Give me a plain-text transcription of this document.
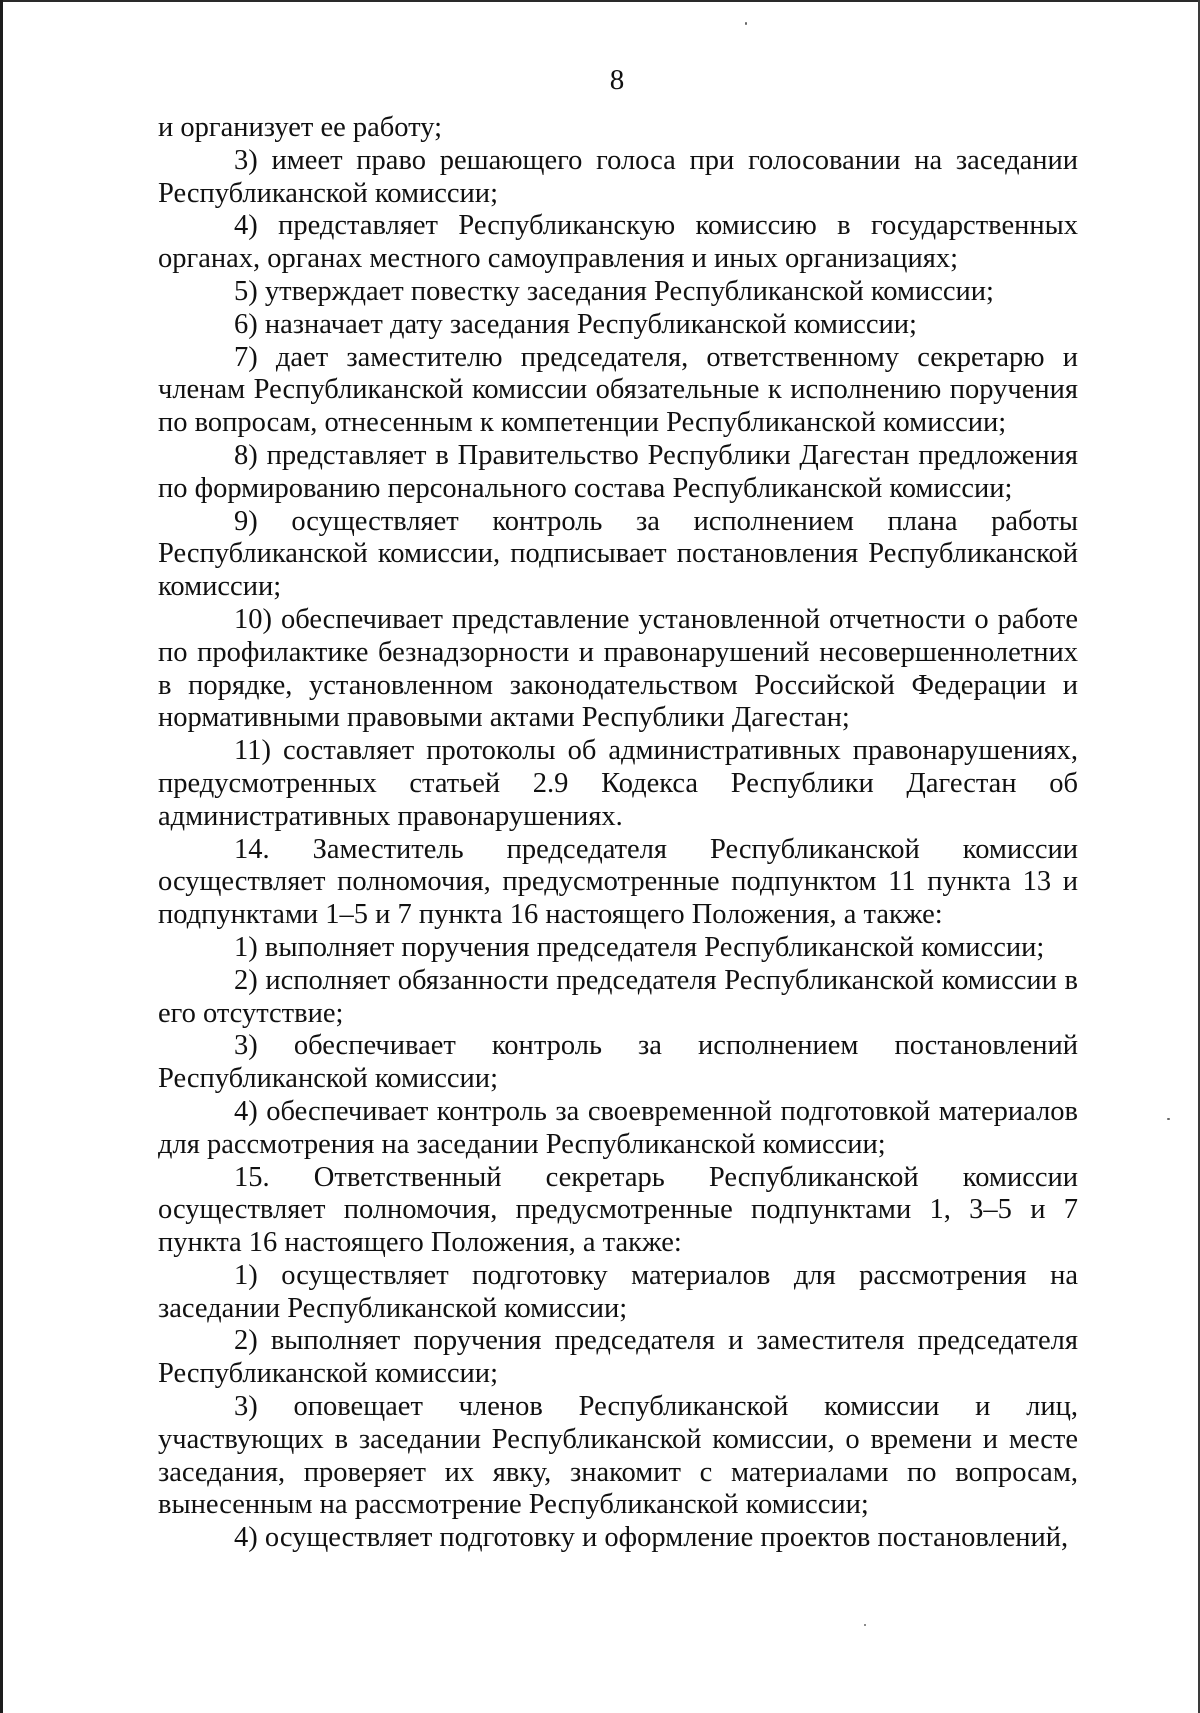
8

и организует ее работу;

3) имеет право решающего голоса при голосовании на заседании Республиканской комиссии;

4) представляет Республиканскую комиссию в государственных органах, органах местного самоуправления и иных организациях;

5) утверждает повестку заседания Республиканской комиссии;

6) назначает дату заседания Республиканской комиссии;

7) дает заместителю председателя, ответственному секретарю и членам Республиканской комиссии обязательные к исполнению поручения по вопросам, отнесенным к компетенции Республиканской комиссии;

8) представляет в Правительство Республики Дагестан предложения по формированию персонального состава Республиканской комиссии;

9) осуществляет контроль за исполнением плана работы Республиканской комиссии, подписывает постановления Республиканской комиссии;

10) обеспечивает представление установленной отчетности о работе по профилактике безнадзорности и правонарушений несовершеннолетних в порядке, установленном законодательством Российской Федерации и нормативными правовыми актами Республики Дагестан;

11) составляет протоколы об административных правонарушениях, предусмотренных статьей 2.9 Кодекса Республики Дагестан об административных правонарушениях.

14. Заместитель председателя Республиканской комиссии осуществляет полномочия, предусмотренные подпунктом 11 пункта 13 и подпунктами 1–5 и 7 пункта 16 настоящего Положения, а также:

1) выполняет поручения председателя Республиканской комиссии;

2) исполняет обязанности председателя Республиканской комиссии в его отсутствие;

3) обеспечивает контроль за исполнением постановлений Республиканской комиссии;

4) обеспечивает контроль за своевременной подготовкой материалов для рассмотрения на заседании Республиканской комиссии;

15. Ответственный секретарь Республиканской комиссии осуществляет полномочия, предусмотренные подпунктами 1, 3–5 и 7 пункта 16 настоящего Положения, а также:

1) осуществляет подготовку материалов для рассмотрения на заседании Республиканской комиссии;

2) выполняет поручения председателя и заместителя председателя Республиканской комиссии;

3) оповещает членов Республиканской комиссии и лиц, участвующих в заседании Республиканской комиссии, о времени и месте заседания, проверяет их явку, знакомит с материалами по вопросам, вынесенным на рассмотрение Республиканской комиссии;

4) осуществляет подготовку и оформление проектов постановлений,
